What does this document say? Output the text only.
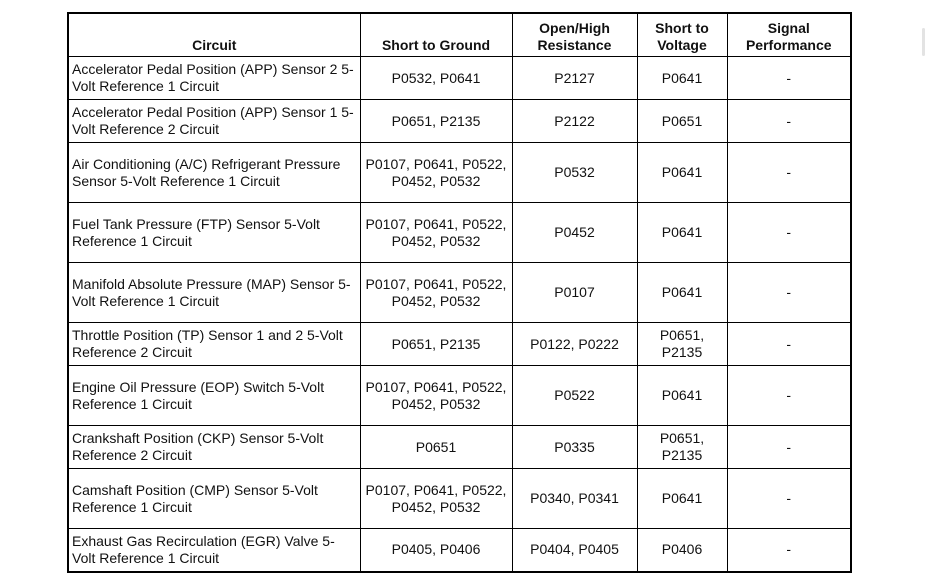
Circuit	Short to Ground	Open/High Resistance	Short to Voltage	Signal Performance
Accelerator Pedal Position (APP) Sensor 2 5-Volt Reference 1 Circuit	P0532, P0641	P2127	P0641	-
Accelerator Pedal Position (APP) Sensor 1 5-Volt Reference 2 Circuit	P0651, P2135	P2122	P0651	-
Air Conditioning (A/C) Refrigerant Pressure Sensor 5-Volt Reference 1 Circuit	P0107, P0641, P0522, P0452, P0532	P0532	P0641	-
Fuel Tank Pressure (FTP) Sensor 5-Volt Reference 1 Circuit	P0107, P0641, P0522, P0452, P0532	P0452	P0641	-
Manifold Absolute Pressure (MAP) Sensor 5-Volt Reference 1 Circuit	P0107, P0641, P0522, P0452, P0532	P0107	P0641	-
Throttle Position (TP) Sensor 1 and 2 5-Volt Reference 2 Circuit	P0651, P2135	P0122, P0222	P0651, P2135	-
Engine Oil Pressure (EOP) Switch 5-Volt Reference 1 Circuit	P0107, P0641, P0522, P0452, P0532	P0522	P0641	-
Crankshaft Position (CKP) Sensor 5-Volt Reference 2 Circuit	P0651	P0335	P0651, P2135	-
Camshaft Position (CMP) Sensor 5-Volt Reference 1 Circuit	P0107, P0641, P0522, P0452, P0532	P0340, P0341	P0641	-
Exhaust Gas Recirculation (EGR) Valve 5-Volt Reference 1 Circuit	P0405, P0406	P0404, P0405	P0406	-
